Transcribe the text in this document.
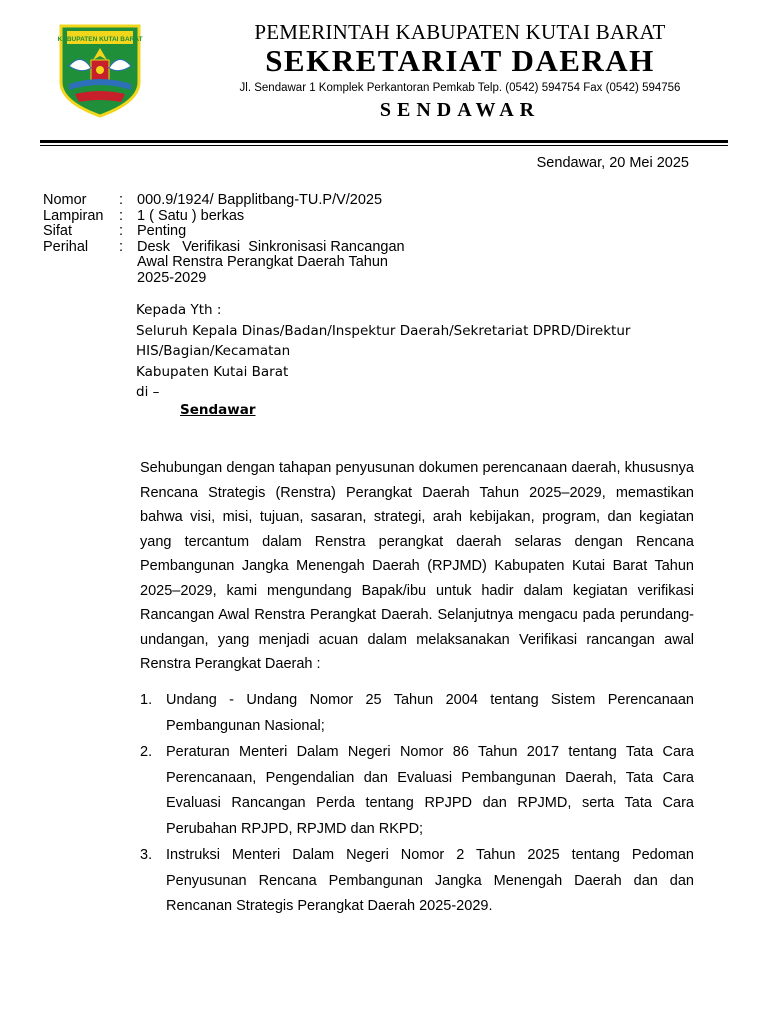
KABUPATEN KUTAI BARAT	PEMERINTAH KABUPATEN KUTAI BARAT
SEKRETARIAT DAERAH
Jl. Sendawar 1 Komplek Perkantoran Pemkab Telp. (0542) 594754 Fax (0542) 594756
SENDAWAR
Sendawar, 20 Mei 2025
Nomor	: 000.9/1924/ Bapplitbang-TU.P/V/2025
Lampiran	: 1 ( Satu ) berkas
Sifat	: Penting
Perihal	: Desk   Verifikasi  Sinkronisasi Rancangan  Awal Renstra Perangkat Daerah Tahun 2025-2029
Kepada Yth :
Seluruh Kepala Dinas/Badan/Inspektur Daerah/Sekretariat DPRD/Direktur
HIS/Bagian/Kecamatan
Kabupaten Kutai Barat
di –
Sendawar

Sehubungan dengan tahapan penyusunan dokumen perencanaan daerah, khususnya Rencana Strategis (Renstra) Perangkat Daerah Tahun 2025–2029, memastikan bahwa visi, misi, tujuan, sasaran, strategi, arah kebijakan, program, dan kegiatan yang tercantum dalam Renstra perangkat daerah selaras dengan Rencana Pembangunan Jangka Menengah Daerah (RPJMD) Kabupaten Kutai Barat Tahun 2025–2029, kami mengundang Bapak/ibu untuk hadir dalam kegiatan verifikasi Rancangan Awal Renstra Perangkat Daerah. Selanjutnya mengacu pada perundang-undangan, yang menjadi acuan dalam melaksanakan Verifikasi rancangan awal Renstra Perangkat Daerah :

1. Undang - Undang Nomor 25 Tahun 2004 tentang Sistem Perencanaan Pembangunan Nasional;
2. Peraturan Menteri Dalam Negeri Nomor 86 Tahun 2017 tentang Tata Cara Perencanaan, Pengendalian dan Evaluasi Pembangunan Daerah, Tata Cara Evaluasi Rancangan Perda tentang RPJPD dan RPJMD, serta Tata Cara Perubahan RPJPD, RPJMD dan RKPD;
3. Instruksi Menteri Dalam Negeri Nomor 2 Tahun 2025 tentang Pedoman Penyusunan Rencana Pembangunan Jangka Menengah Daerah dan dan Rencanan Strategis Perangkat Daerah 2025-2029.
